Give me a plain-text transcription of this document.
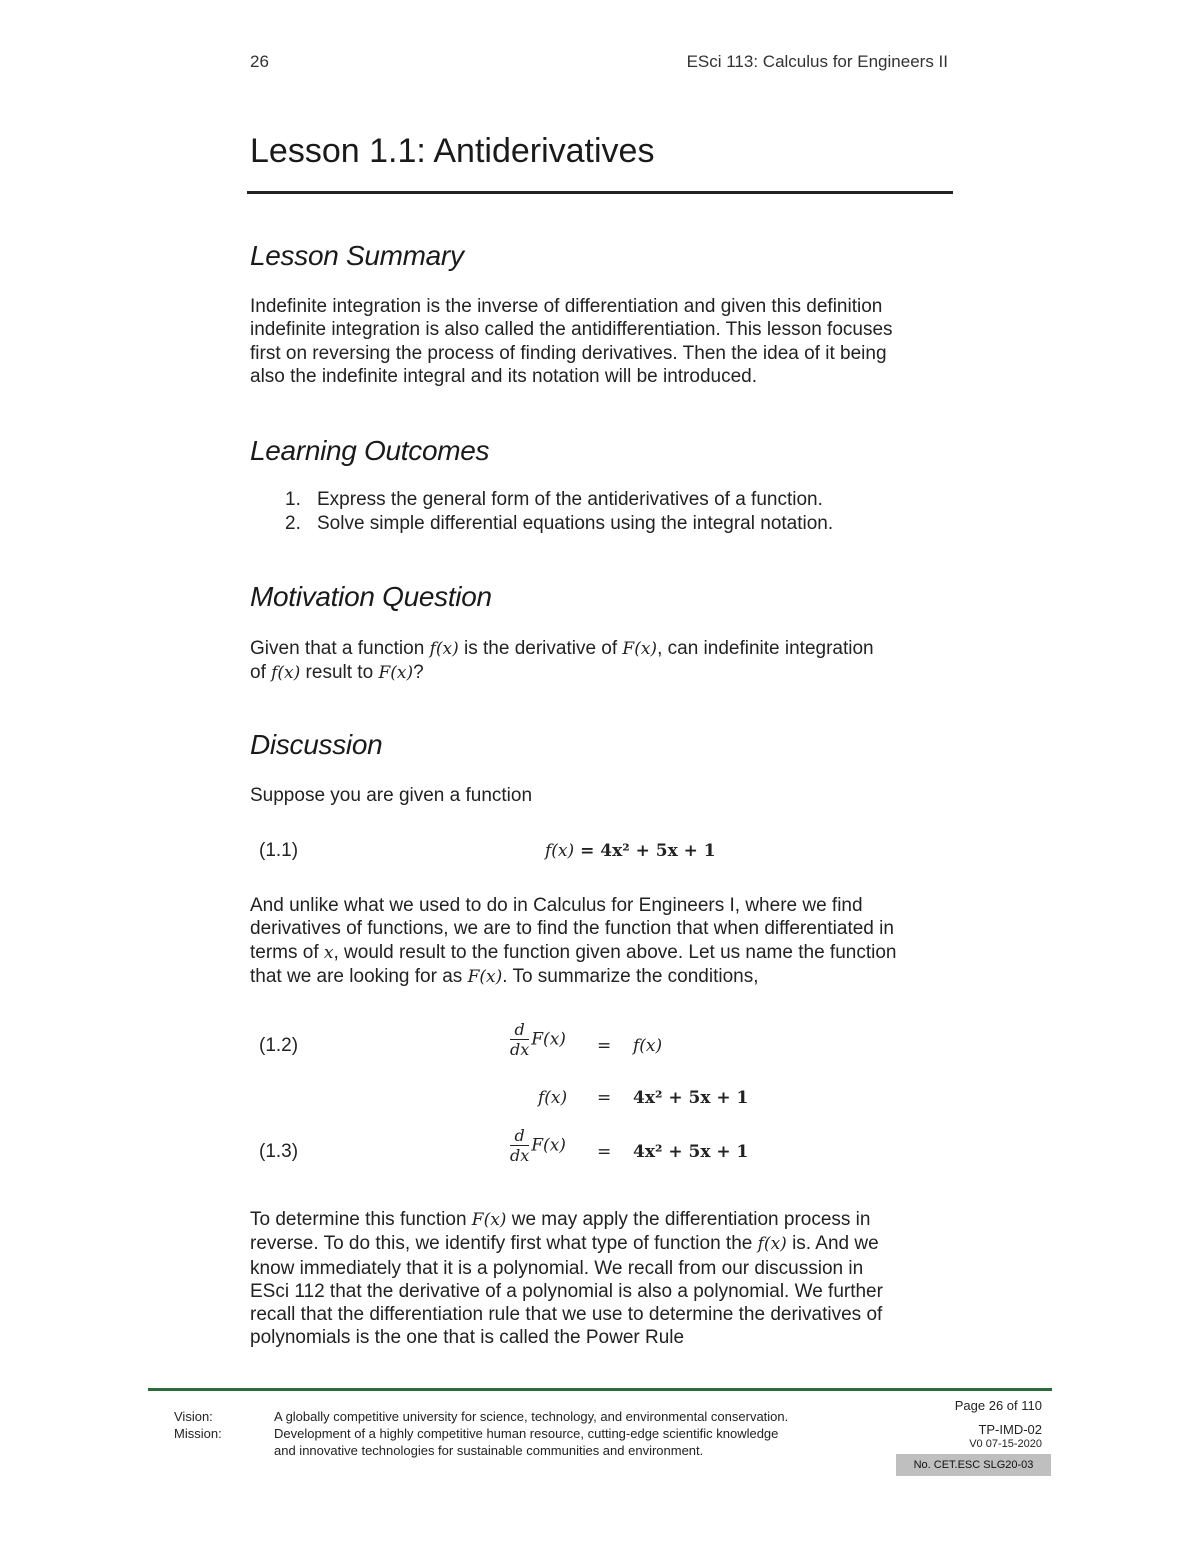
26	ESci 113: Calculus for Engineers II
Lesson 1.1: Antiderivatives
Lesson Summary
Indefinite integration is the inverse of differentiation and given this definition
indefinite integration is also called the antidifferentiation. This lesson focuses
first on reversing the process of finding derivatives. Then the idea of it being
also the indefinite integral and its notation will be introduced.
Learning Outcomes
1. Express the general form of the antiderivatives of a function.
2. Solve simple differential equations using the integral notation.
Motivation Question
Given that a function f(x) is the derivative of F(x), can indefinite integration
of f(x) result to F(x)?
Discussion
Suppose you are given a function
(1.1)	f(x) = 4x² + 5x + 1
And unlike what we used to do in Calculus for Engineers I, where we find
derivatives of functions, we are to find the function that when differentiated in
terms of x, would result to the function given above. Let us name the function
that we are looking for as F(x). To summarize the conditions,
(1.2)	$\frac{d}{dx} F(x) = f(x)$
f(x) = 4x² + 5x + 1
(1.3)	$\frac{d}{dx} F(x) = 4x^2 + 5x + 1$
To determine this function F(x) we may apply the differentiation process in
reverse. To do this, we identify first what type of function the f(x) is. And we
know immediately that it is a polynomial. We recall from our discussion in
ESci 112 that the derivative of a polynomial is also a polynomial. We further
recall that the differentiation rule that we use to determine the derivatives of
polynomials is the one that is called the Power Rule
Vision:
Mission:
A globally competitive university for science, technology, and environmental conservation.
Development of a highly competitive human resource, cutting-edge scientific knowledge
and innovative technologies for sustainable communities and environment.
Page 26 of 110
TP-IMD-02
V0 07-15-2020
No. CET.ESC SLG20-03
